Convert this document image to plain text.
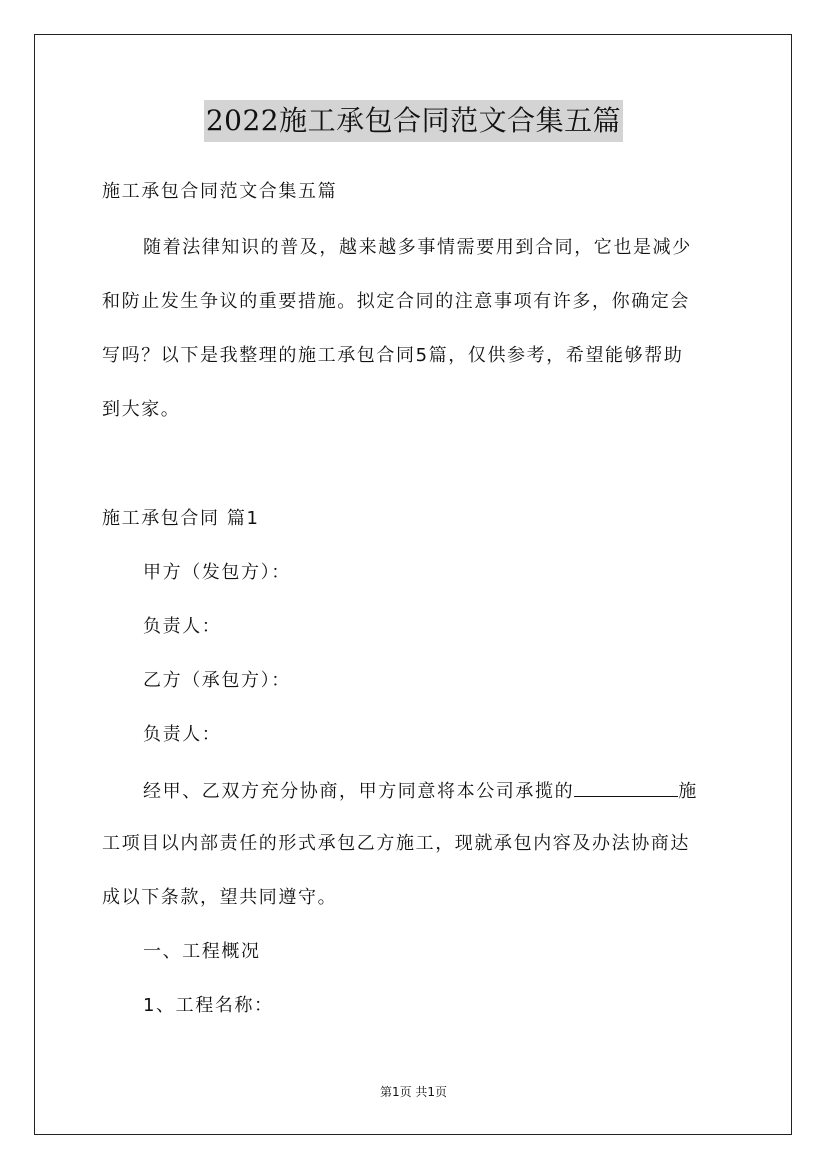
2022施工承包合同范文合集五篇
施工承包合同范文合集五篇
随着法律知识的普及，越来越多事情需要用到合同，它也是减少
和防止发生争议的重要措施。拟定合同的注意事项有许多，你确定会
写吗？以下是我整理的施工承包合同5篇，仅供参考，希望能够帮助
到大家。
施工承包合同 篇1
甲方（发包方）：
负责人：
乙方（承包方）：
负责人：
经甲、乙双方充分协商，甲方同意将本公司承揽的	施
工项目以内部责任的形式承包乙方施工，现就承包内容及办法协商达
成以下条款，望共同遵守。
一、工程概况
1、工程名称：
第1页 共1页
